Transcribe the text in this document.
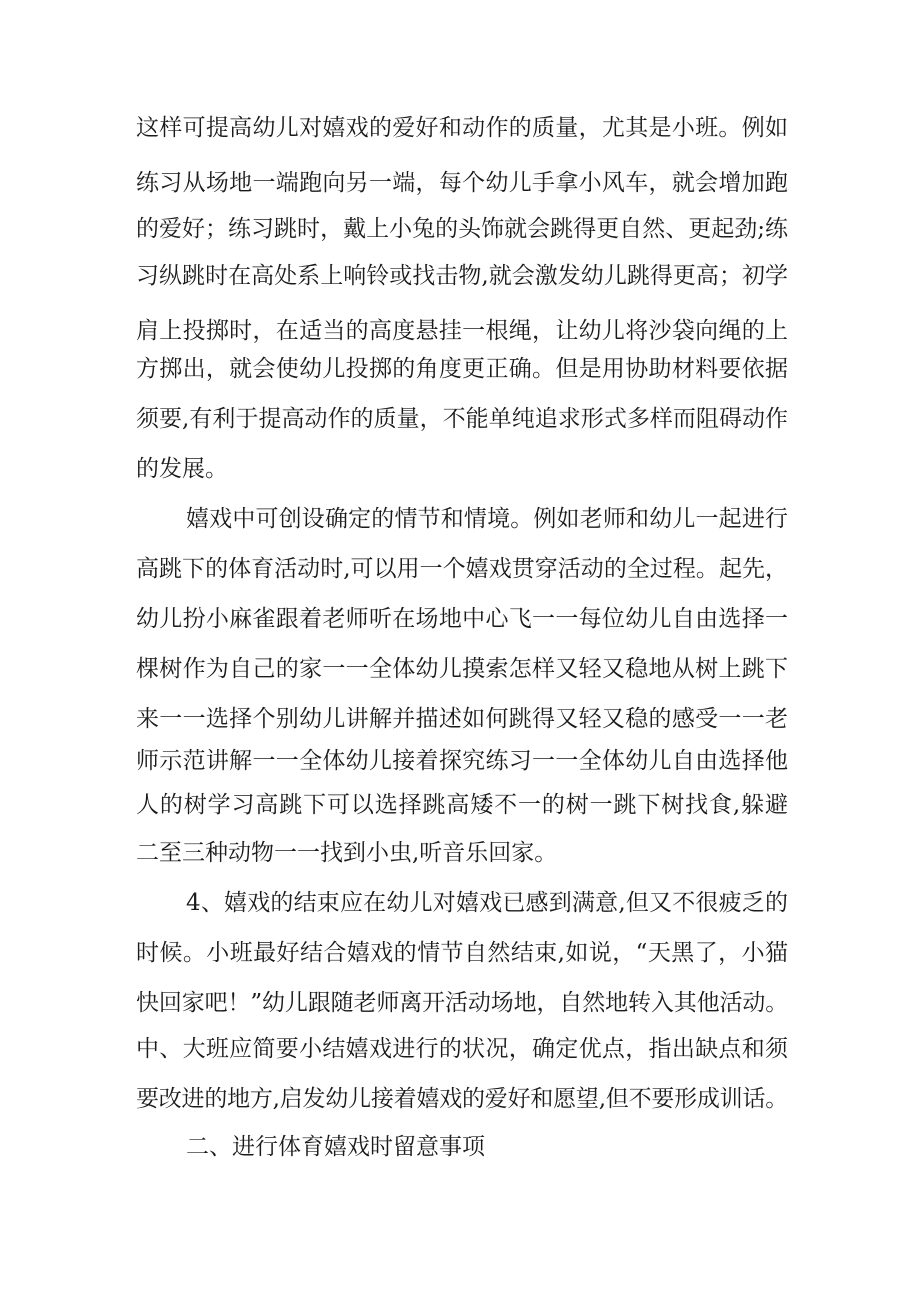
这样可提高幼儿对嬉戏的爱好和动作的质量，尤其是小班。例如
练习从场地一端跑向另一端，每个幼儿手拿小风车，就会增加跑
的爱好；练习跳时，戴上小兔的头饰就会跳得更自然、更起劲;练
习纵跳时在高处系上响铃或找击物,就会激发幼儿跳得更高；初学
肩上投掷时，在适当的高度悬挂一根绳，让幼儿将沙袋向绳的上
方掷出，就会使幼儿投掷的角度更正确。但是用协助材料要依据
须要,有利于提高动作的质量，不能单纯追求形式多样而阻碍动作
的发展。
嬉戏中可创设确定的情节和情境。例如老师和幼儿一起进行
高跳下的体育活动时,可以用一个嬉戏贯穿活动的全过程。起先，
幼儿扮小麻雀跟着老师听在场地中心飞一一每位幼儿自由选择一
棵树作为自己的家一一全体幼儿摸索怎样又轻又稳地从树上跳下
来一一选择个别幼儿讲解并描述如何跳得又轻又稳的感受一一老
师示范讲解一一全体幼儿接着探究练习一一全体幼儿自由选择他
人的树学习高跳下可以选择跳高矮不一的树一跳下树找食,躲避
二至三种动物一一找到小虫,听音乐回家。
4、嬉戏的结束应在幼儿对嬉戏已感到满意,但又不很疲乏的
时候。小班最好结合嬉戏的情节自然结束,如说，“天黑了，小猫
快回家吧！”幼儿跟随老师离开活动场地，自然地转入其他活动。
中、大班应简要小结嬉戏进行的状况，确定优点，指出缺点和须
要改进的地方,启发幼儿接着嬉戏的爱好和愿望,但不要形成训话。
二、进行体育嬉戏时留意事项
